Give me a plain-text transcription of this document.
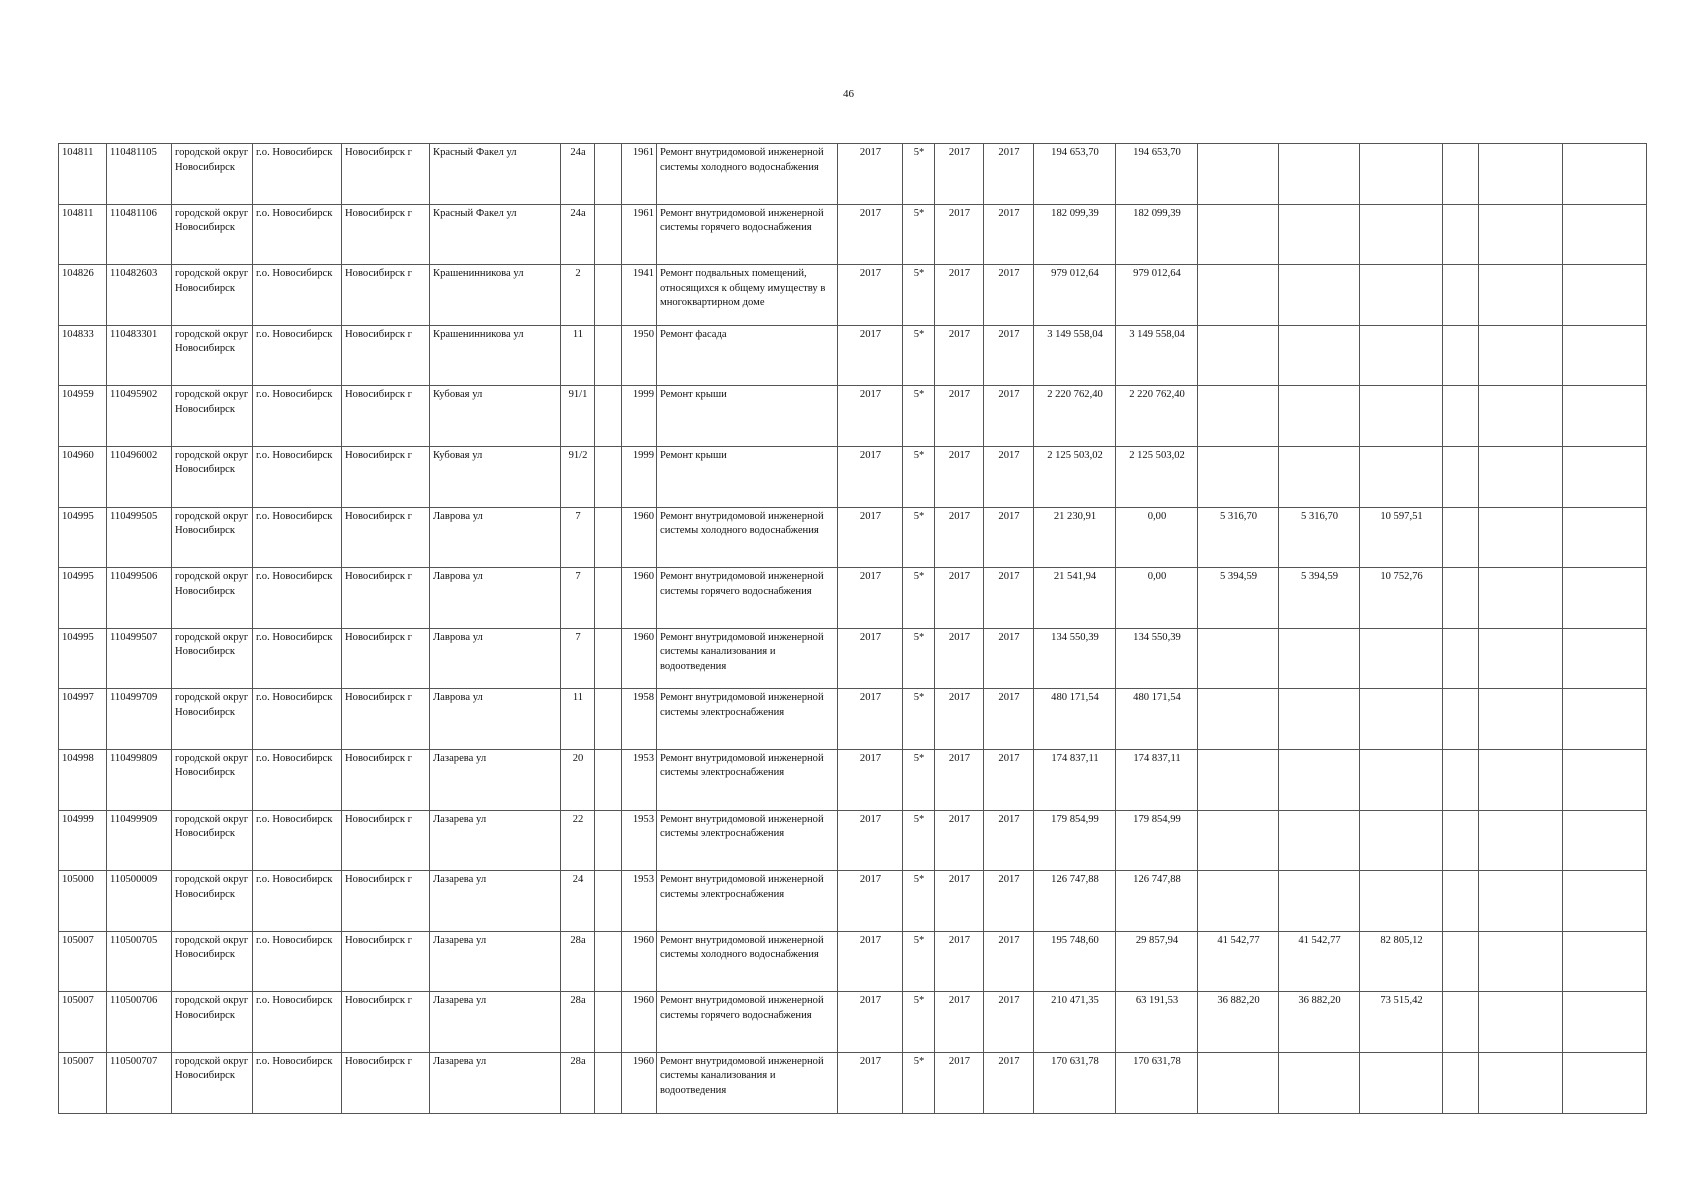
46
104811	110481105	городской округ Новосибирск	г.о. Новосибирск	Новосибирск г	Красный Факел ул	24а		1961	Ремонт внутридомовой инженерной системы холодного водоснабжения	2017	5*	2017	2017	194 653,70	194 653,70						
104811	110481106	городской округ Новосибирск	г.о. Новосибирск	Новосибирск г	Красный Факел ул	24а		1961	Ремонт внутридомовой инженерной системы горячего водоснабжения	2017	5*	2017	2017	182 099,39	182 099,39						
104826	110482603	городской округ Новосибирск	г.о. Новосибирск	Новосибирск г	Крашенинникова ул	2		1941	Ремонт подвальных помещений, относящихся к общему имуществу в многоквартирном доме	2017	5*	2017	2017	979 012,64	979 012,64						
104833	110483301	городской округ Новосибирск	г.о. Новосибирск	Новосибирск г	Крашенинникова ул	11		1950	Ремонт фасада	2017	5*	2017	2017	3 149 558,04	3 149 558,04						
104959	110495902	городской округ Новосибирск	г.о. Новосибирск	Новосибирск г	Кубовая ул	91/1		1999	Ремонт крыши	2017	5*	2017	2017	2 220 762,40	2 220 762,40						
104960	110496002	городской округ Новосибирск	г.о. Новосибирск	Новосибирск г	Кубовая ул	91/2		1999	Ремонт крыши	2017	5*	2017	2017	2 125 503,02	2 125 503,02						
104995	110499505	городской округ Новосибирск	г.о. Новосибирск	Новосибирск г	Лаврова ул	7		1960	Ремонт внутридомовой инженерной системы холодного водоснабжения	2017	5*	2017	2017	21 230,91	0,00	5 316,70	5 316,70	10 597,51			
104995	110499506	городской округ Новосибирск	г.о. Новосибирск	Новосибирск г	Лаврова ул	7		1960	Ремонт внутридомовой инженерной системы горячего водоснабжения	2017	5*	2017	2017	21 541,94	0,00	5 394,59	5 394,59	10 752,76			
104995	110499507	городской округ Новосибирск	г.о. Новосибирск	Новосибирск г	Лаврова ул	7		1960	Ремонт внутридомовой инженерной системы канализования и водоотведения	2017	5*	2017	2017	134 550,39	134 550,39						
104997	110499709	городской округ Новосибирск	г.о. Новосибирск	Новосибирск г	Лаврова ул	11		1958	Ремонт внутридомовой инженерной системы электроснабжения	2017	5*	2017	2017	480 171,54	480 171,54						
104998	110499809	городской округ Новосибирск	г.о. Новосибирск	Новосибирск г	Лазарева ул	20		1953	Ремонт внутридомовой инженерной системы электроснабжения	2017	5*	2017	2017	174 837,11	174 837,11						
104999	110499909	городской округ Новосибирск	г.о. Новосибирск	Новосибирск г	Лазарева ул	22		1953	Ремонт внутридомовой инженерной системы электроснабжения	2017	5*	2017	2017	179 854,99	179 854,99						
105000	110500009	городской округ Новосибирск	г.о. Новосибирск	Новосибирск г	Лазарева ул	24		1953	Ремонт внутридомовой инженерной системы электроснабжения	2017	5*	2017	2017	126 747,88	126 747,88						
105007	110500705	городской округ Новосибирск	г.о. Новосибирск	Новосибирск г	Лазарева ул	28а		1960	Ремонт внутридомовой инженерной системы холодного водоснабжения	2017	5*	2017	2017	195 748,60	29 857,94	41 542,77	41 542,77	82 805,12			
105007	110500706	городской округ Новосибирск	г.о. Новосибирск	Новосибирск г	Лазарева ул	28а		1960	Ремонт внутридомовой инженерной системы горячего водоснабжения	2017	5*	2017	2017	210 471,35	63 191,53	36 882,20	36 882,20	73 515,42			
105007	110500707	городской округ Новосибирск	г.о. Новосибирск	Новосибирск г	Лазарева ул	28а		1960	Ремонт внутридомовой инженерной системы канализования и водоотведения	2017	5*	2017	2017	170 631,78	170 631,78						
